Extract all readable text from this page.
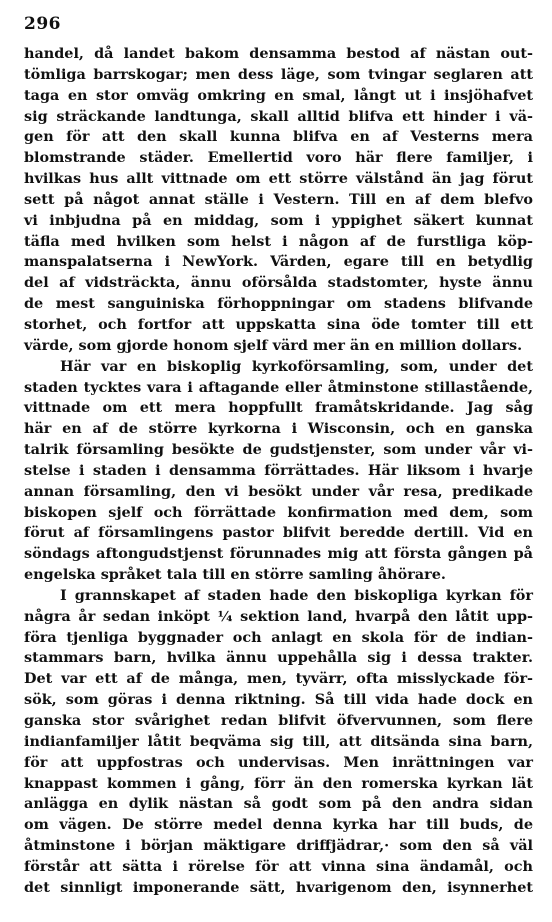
296
handel, då landet bakom densamma bestod af nästan out-
tömliga barrskogar; men dess läge, som tvingar seglaren att
taga en stor omväg omkring en smal, långt ut i insjöhafvet
sig sträckande landtunga, skall alltid blifva ett hinder i vä-
gen för att den skall kunna blifva en af Vesterns mera
blomstrande städer. Emellertid voro här flere familjer, i
hvilkas hus allt vittnade om ett större välstånd än jag förut
sett på något annat ställe i Vestern. Till en af dem blefvo
vi inbjudna på en middag, som i yppighet säkert kunnat
täfla med hvilken som helst i någon af de furstliga köp-
manspalatserna i NewYork. Värden, egare till en betydlig
del af vidsträckta, ännu oförsålda stadstomter, hyste ännu
de mest sanguiniska förhoppningar om stadens blifvande
storhet, och fortfor att uppskatta sina öde tomter till ett
värde, som gjorde honom sjelf värd mer än en million dollars.
Här var en biskoplig kyrkoförsamling, som, under det
staden tycktes vara i aftagande eller åtminstone stillastående,
vittnade om ett mera hoppfullt framåtskridande. Jag såg
här en af de större kyrkorna i Wisconsin, och en ganska
talrik församling besökte de gudstjenster, som under vår vi-
stelse i staden i densamma förrättades. Här liksom i hvarje
annan församling, den vi besökt under vår resa, predikade
biskopen sjelf och förrättade konfirmation med dem, som
förut af församlingens pastor blifvit beredde dertill. Vid en
söndags aftongudstjenst förunnades mig att första gången på
engelska språket tala till en större samling åhörare.
I grannskapet af staden hade den biskopliga kyrkan för
några år sedan inköpt ¼ sektion land, hvarpå den låtit upp-
föra tjenliga byggnader och anlagt en skola för de indian-
stammars barn, hvilka ännu uppehålla sig i dessa trakter.
Det var ett af de många, men, tyvärr, ofta misslyckade för-
sök, som göras i denna riktning. Så till vida hade dock en
ganska stor svårighet redan blifvit öfvervunnen, som flere
indianfamiljer låtit beqväma sig till, att ditsända sina barn,
för att uppfostras och undervisas. Men inrättningen var
knappast kommen i gång, förr än den romerska kyrkan lät
anlägga en dylik nästan så godt som på den andra sidan
om vägen. De större medel denna kyrka har till buds, de
åtminstone i början mäktigare driffjädrar,· som den så väl
förstår att sätta i rörelse för att vinna sina ändamål, och
det sinnligt imponerande sätt, hvarigenom den, isynnerhet
